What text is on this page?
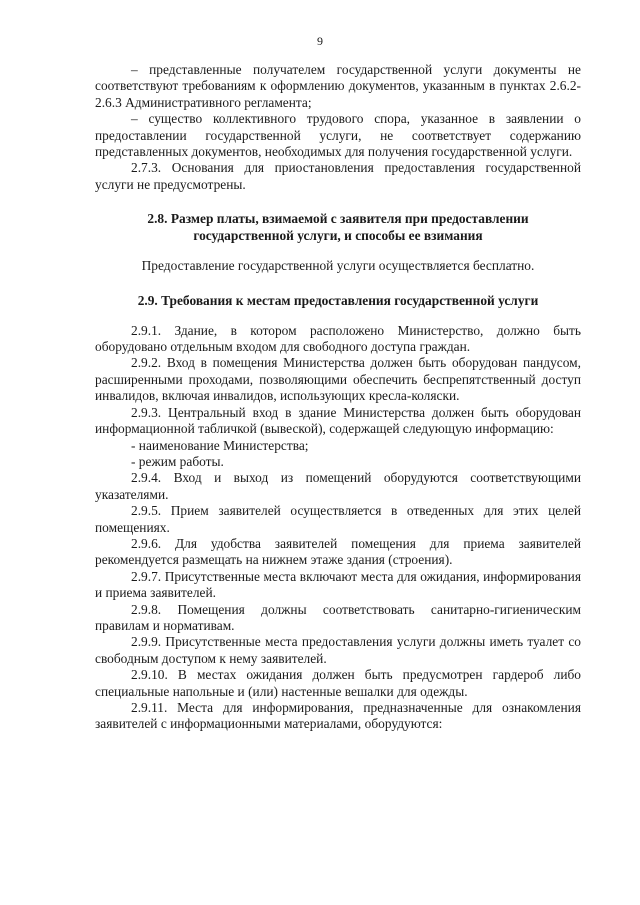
9

– представленные получателем государственной услуги документы не соответствуют требованиям к оформлению документов, указанным в пунктах 2.6.2-2.6.3 Административного регламента;

– существо коллективного трудового спора, указанное в заявлении о предоставлении государственной услуги, не соответствует содержанию представленных документов, необходимых для получения государственной услуги.

2.7.3. Основания для приостановления предоставления государственной услуги не предусмотрены.

2.8. Размер платы, взимаемой с заявителя при предоставлении
государственной услуги, и способы ее взимания

Предоставление государственной услуги осуществляется бесплатно.

2.9. Требования к местам предоставления государственной услуги

2.9.1. Здание, в котором расположено Министерство, должно быть оборудовано отдельным входом для свободного доступа граждан.

2.9.2. Вход в помещения Министерства должен быть оборудован пандусом, расширенными проходами, позволяющими обеспечить беспрепятственный доступ инвалидов, включая инвалидов, использующих кресла-коляски.

2.9.3. Центральный вход в здание Министерства должен быть оборудован информационной табличкой (вывеской), содержащей следующую информацию:

- наименование Министерства;

- режим работы.

2.9.4. Вход и выход из помещений оборудуются соответствующими указателями.

2.9.5. Прием заявителей осуществляется в отведенных для этих целей помещениях.

2.9.6. Для удобства заявителей помещения для приема заявителей рекомендуется размещать на нижнем этаже здания (строения).

2.9.7. Присутственные места включают места для ожидания, информирования и приема заявителей.

2.9.8. Помещения должны соответствовать санитарно-гигиеническим правилам и нормативам.

2.9.9. Присутственные места предоставления услуги должны иметь туалет со свободным доступом к нему заявителей.

2.9.10. В местах ожидания должен быть предусмотрен гардероб либо специальные напольные и (или) настенные вешалки для одежды.

2.9.11. Места для информирования, предназначенные для ознакомления заявителей с информационными материалами, оборудуются:
